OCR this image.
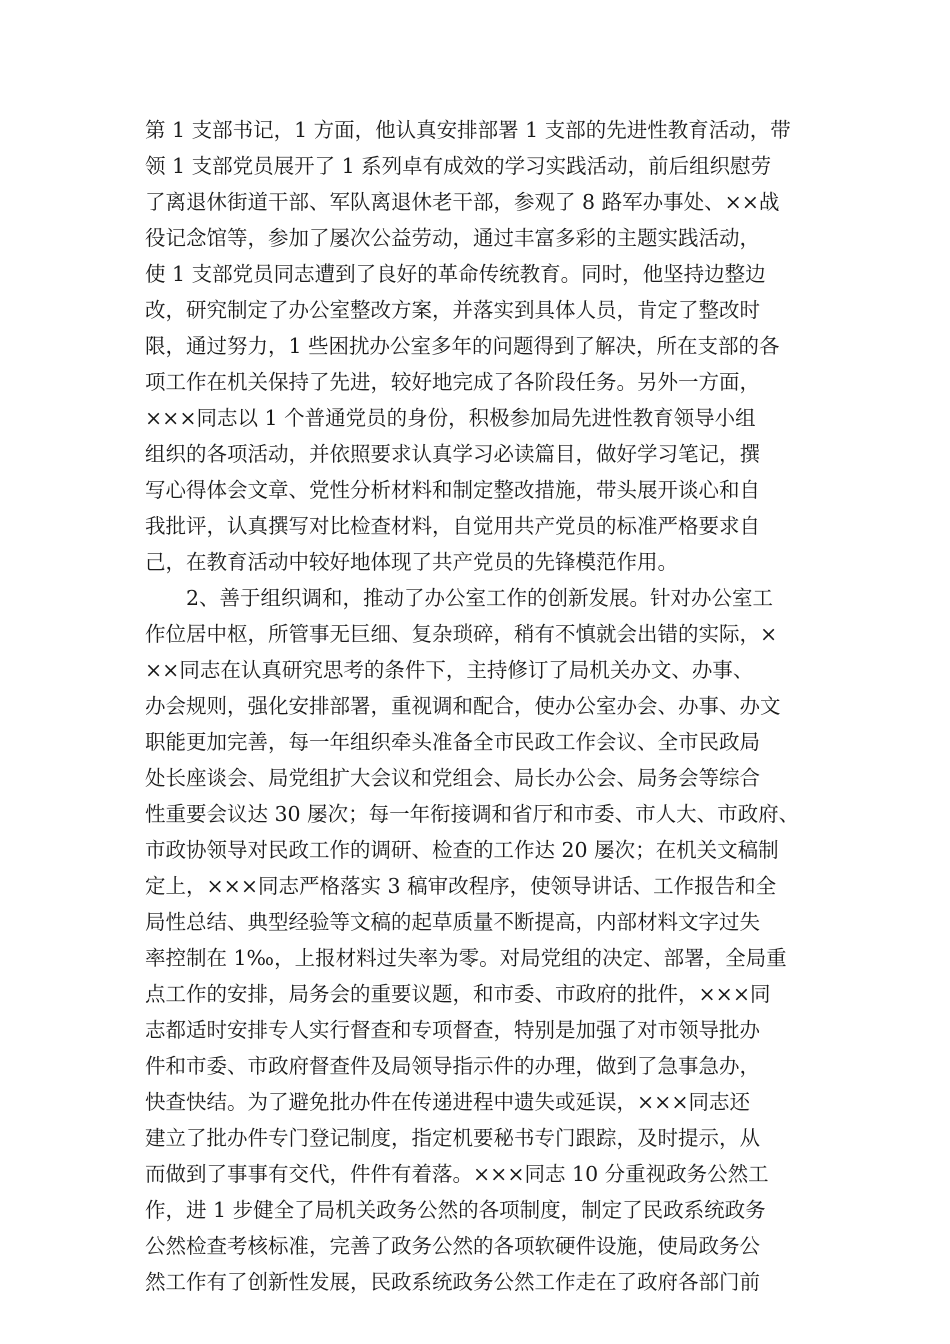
第 1 支部书记，1 方面，他认真安排部署 1 支部的先进性教育活动，带
领 1 支部党员展开了 1 系列卓有成效的学习实践活动，前后组织慰劳
了离退休街道干部、军队离退休老干部，参观了 8 路军办事处、××战
役记念馆等，参加了屡次公益劳动，通过丰富多彩的主题实践活动，
使 1 支部党员同志遭到了良好的革命传统教育。同时，他坚持边整边
改，研究制定了办公室整改方案，并落实到具体人员，肯定了整改时
限，通过努力，1 些困扰办公室多年的问题得到了解决，所在支部的各
项工作在机关保持了先进，较好地完成了各阶段任务。另外一方面，
×××同志以 1 个普通党员的身份，积极参加局先进性教育领导小组
组织的各项活动，并依照要求认真学习必读篇目，做好学习笔记，撰
写心得体会文章、党性分析材料和制定整改措施，带头展开谈心和自
我批评，认真撰写对比检查材料，自觉用共产党员的标准严格要求自
己，在教育活动中较好地体现了共产党员的先锋模范作用。
2、善于组织调和，推动了办公室工作的创新发展。针对办公室工
作位居中枢，所管事无巨细、复杂琐碎，稍有不慎就会出错的实际，×
××同志在认真研究思考的条件下，主持修订了局机关办文、办事、
办会规则，强化安排部署，重视调和配合，使办公室办会、办事、办文
职能更加完善，每一年组织牵头准备全市民政工作会议、全市民政局
处长座谈会、局党组扩大会议和党组会、局长办公会、局务会等综合
性重要会议达 30 屡次；每一年衔接调和省厅和市委、市人大、市政府、
市政协领导对民政工作的调研、检查的工作达 20 屡次；在机关文稿制
定上，×××同志严格落实 3 稿审改程序，使领导讲话、工作报告和全
局性总结、典型经验等文稿的起草质量不断提高，内部材料文字过失
率控制在 1‰，上报材料过失率为零。对局党组的决定、部署，全局重
点工作的安排，局务会的重要议题，和市委、市政府的批件，×××同
志都适时安排专人实行督查和专项督查，特别是加强了对市领导批办
件和市委、市政府督查件及局领导指示件的办理，做到了急事急办，
快查快结。为了避免批办件在传递进程中遗失或延误，×××同志还
建立了批办件专门登记制度，指定机要秘书专门跟踪，及时提示，从
而做到了事事有交代，件件有着落。×××同志 10 分重视政务公然工
作，进 1 步健全了局机关政务公然的各项制度，制定了民政系统政务
公然检查考核标准，完善了政务公然的各项软硬件设施，使局政务公
然工作有了创新性发展，民政系统政务公然工作走在了政府各部门前
